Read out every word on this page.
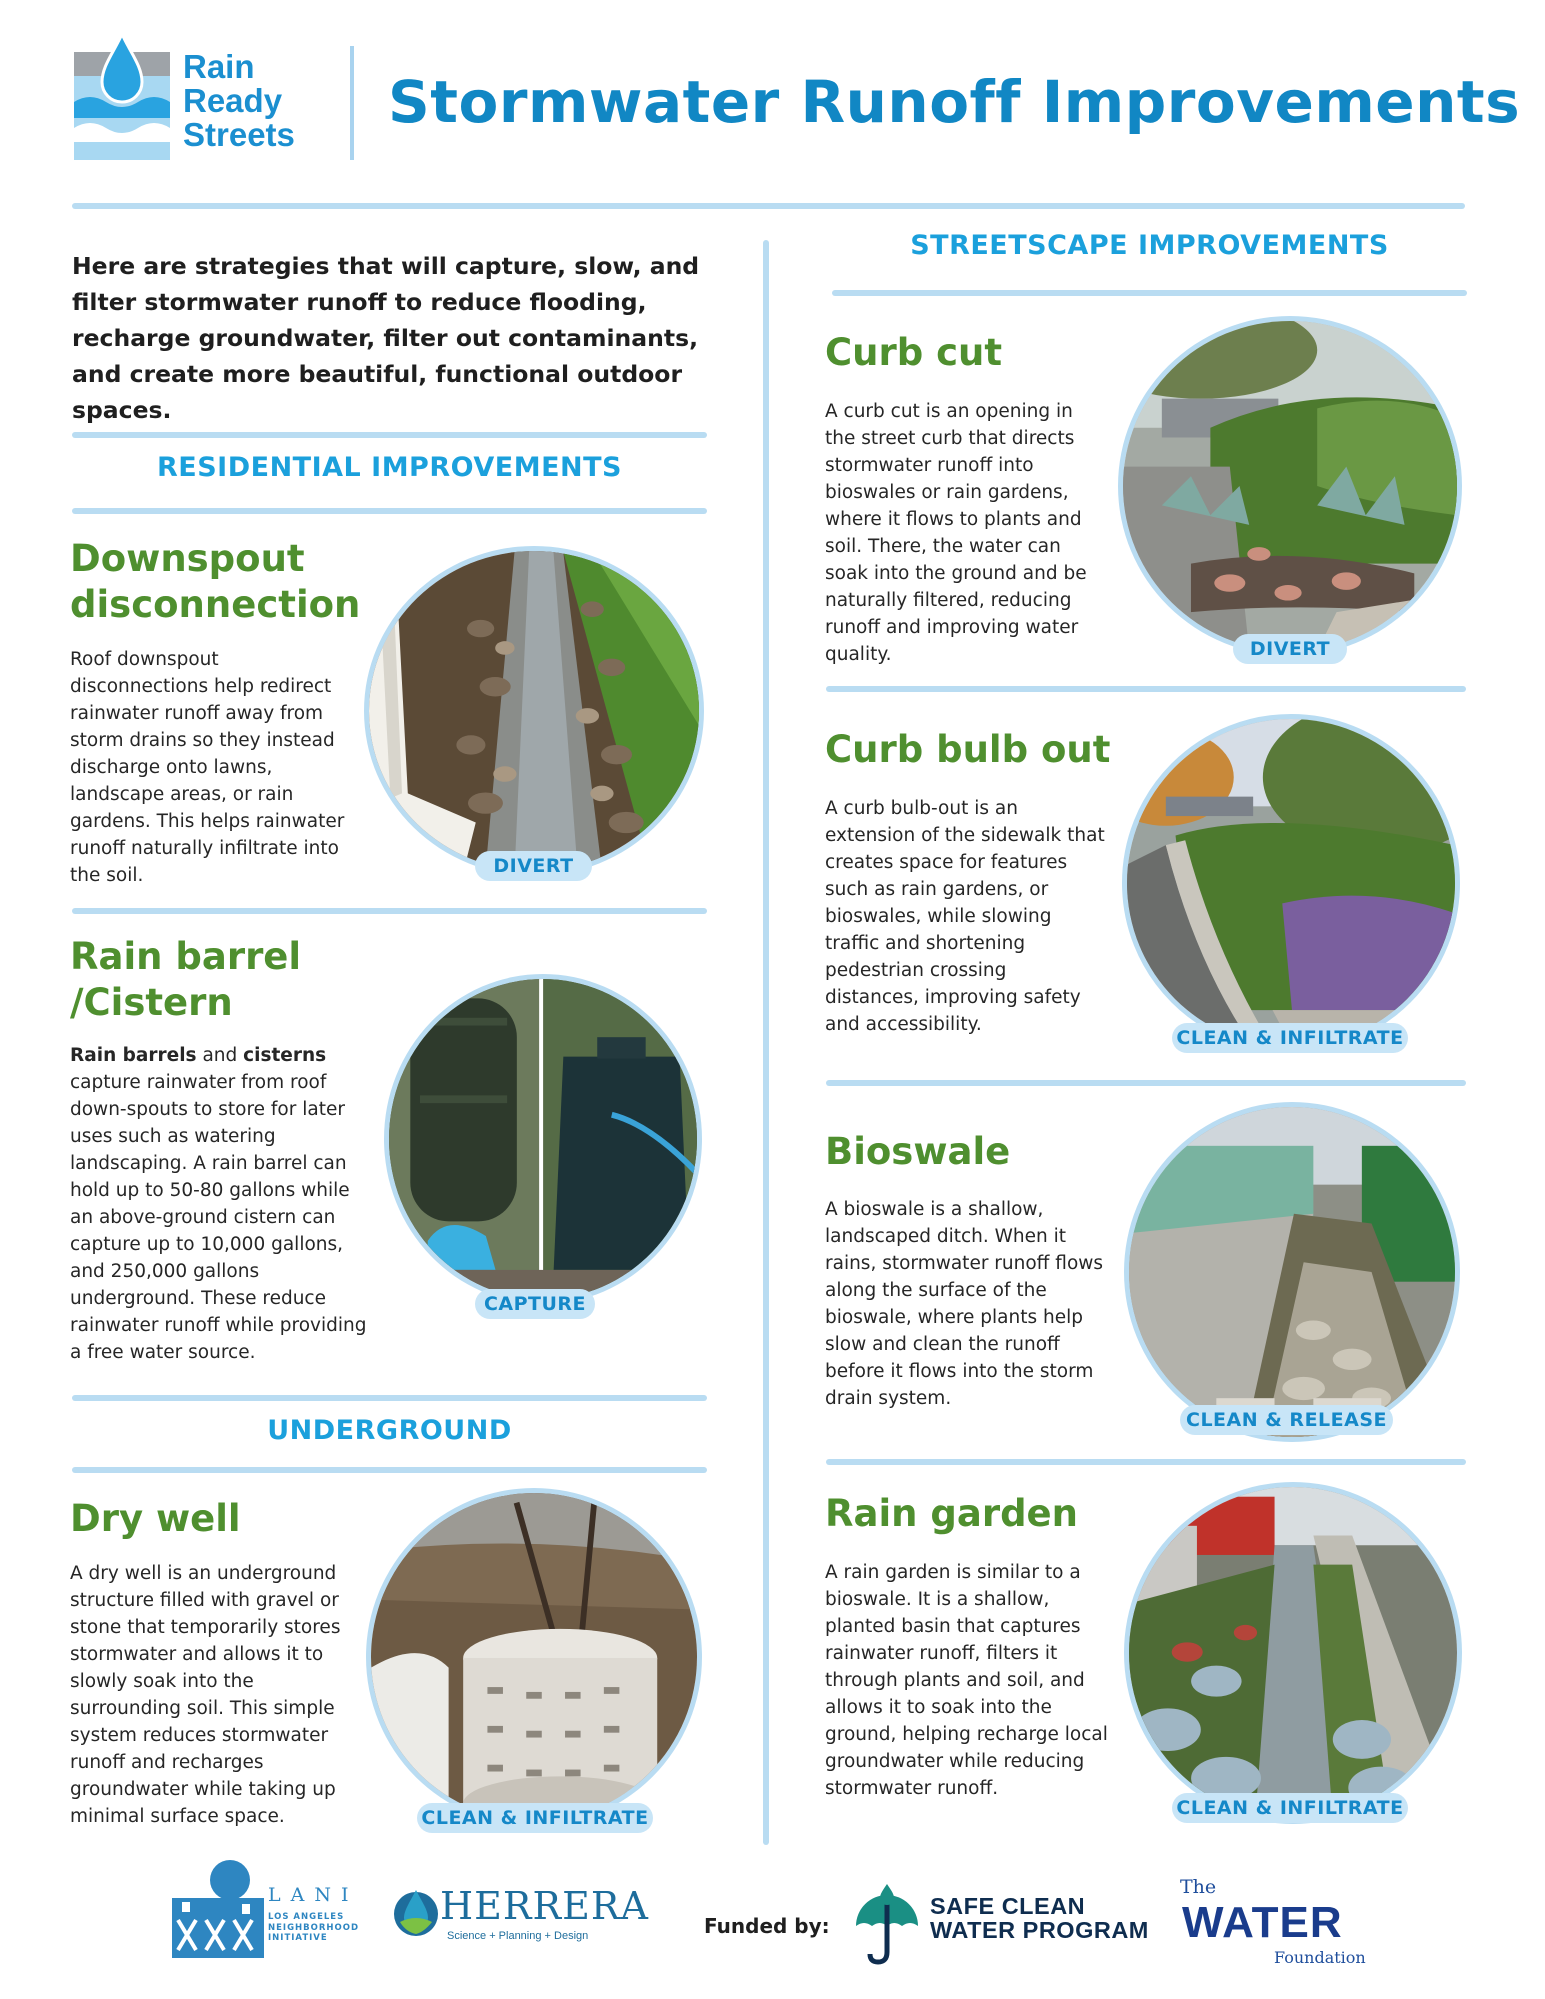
Rain
Ready
Streets Stormwater Runoff Improvements
Here are strategies that will capture, slow, and filter stormwater runoff to reduce flooding, recharge groundwater, filter out contaminants, and create more beautiful, functional outdoor spaces.
RESIDENTIAL IMPROVEMENTS
Downspout
disconnection
Roof downspout disconnections help redirect rainwater runoff away from storm drains so they instead discharge onto lawns, landscape areas, or rain gardens. This helps rainwater runoff naturally infiltrate into the soil.	DIVERT
Rain barrel
/Cistern
Rain barrels and cisterns capture rainwater from roof down-spouts to store for later uses such as watering landscaping. A rain barrel can hold up to 50-80 gallons while an above-ground cistern can capture up to 10,000 gallons, and 250,000 gallons underground. These reduce rainwater runoff while providing a free water source.
CAPTURE
UNDERGROUND
Dry well
A dry well is an underground structure filled with gravel or stone that temporarily stores stormwater and allows it to slowly soak into the surrounding soil. This simple system reduces stormwater runoff and recharges groundwater while taking up minimal surface space.	CLEAN & INFILTRATE
STREETSCAPE IMPROVEMENTS
Curb cut
A curb cut is an opening in the street curb that directs stormwater runoff into bioswales or rain gardens, where it flows to plants and soil. There, the water can soak into the ground and be naturally filtered, reducing runoff and improving water quality.	DIVERT
Curb bulb out
A curb bulb-out is an extension of the sidewalk that creates space for features such as rain gardens, or bioswales, while slowing traffic and shortening pedestrian crossing distances, improving safety and accessibility.
CLEAN & INFILTRATE
Bioswale
A bioswale is a shallow, landscaped ditch. When it rains, stormwater runoff flows along the surface of the bioswale, where plants help slow and clean the runoff before it flows into the storm drain system.
CLEAN & RELEASE
Rain garden
A rain garden is similar to a bioswale. It is a shallow, planted basin that captures rainwater runoff, filters it through plants and soil, and allows it to soak into the ground, helping recharge local groundwater while reducing stormwater runoff.
CLEAN & INFILTRATE
LANI
LOS ANGELES
NEIGHBORHOOD
INITIATIVE
HERRERA
Science + Planning + Design	Funded by:
SAFE CLEAN
WATER PROGRAM
The
WATER
Foundation
